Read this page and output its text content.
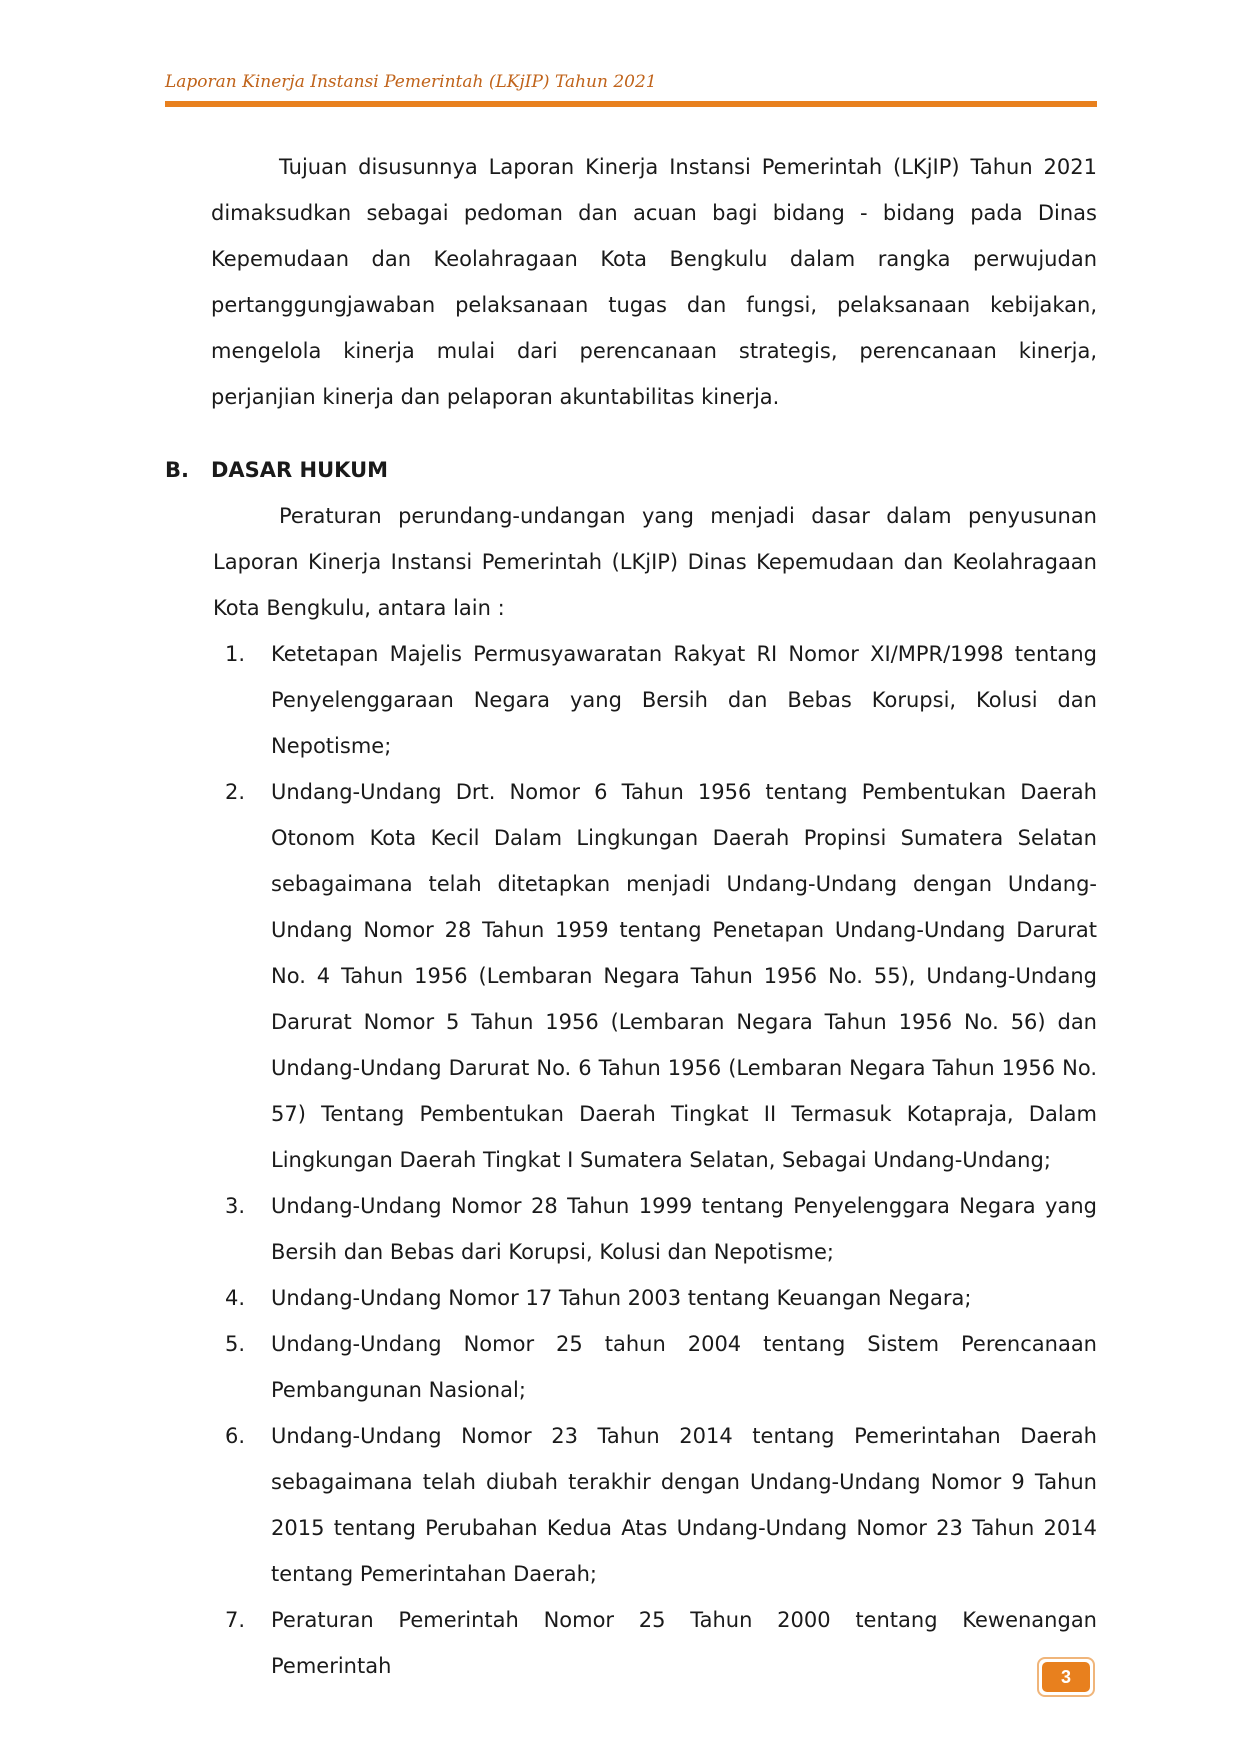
Laporan Kinerja Instansi Pemerintah (LKjIP) Tahun 2021

Tujuan disusunnya Laporan Kinerja Instansi Pemerintah (LKjIP) Tahun 2021 dimaksudkan sebagai pedoman dan acuan bagi bidang - bidang pada Dinas Kepemudaan dan Keolahragaan Kota Bengkulu dalam rangka perwujudan pertanggungjawaban pelaksanaan tugas dan fungsi, pelaksanaan kebijakan, mengelola kinerja mulai dari perencanaan strategis, perencanaan kinerja, perjanjian kinerja dan pelaporan akuntabilitas kinerja.

B. DASAR HUKUM

Peraturan perundang-undangan yang menjadi dasar dalam penyusunan Laporan Kinerja Instansi Pemerintah (LKjIP) Dinas Kepemudaan dan Keolahragaan Kota Bengkulu, antara lain :

1.	Ketetapan Majelis Permusyawaratan Rakyat RI Nomor XI/MPR/1998 tentang Penyelenggaraan Negara yang Bersih dan Bebas Korupsi, Kolusi dan Nepotisme;
2.	Undang-Undang Drt. Nomor 6 Tahun 1956 tentang Pembentukan Daerah Otonom Kota Kecil Dalam Lingkungan Daerah Propinsi Sumatera Selatan sebagaimana telah ditetapkan menjadi Undang-Undang dengan Undang-Undang Nomor 28 Tahun 1959 tentang Penetapan Undang-Undang Darurat No. 4 Tahun 1956 (Lembaran Negara Tahun 1956 No. 55), Undang-Undang Darurat Nomor 5 Tahun 1956 (Lembaran Negara Tahun 1956 No. 56) dan Undang-Undang Darurat No. 6 Tahun 1956 (Lembaran Negara Tahun 1956 No. 57) Tentang Pembentukan Daerah Tingkat II Termasuk Kotapraja, Dalam Lingkungan Daerah Tingkat I Sumatera Selatan, Sebagai Undang-Undang;
3.	Undang-Undang Nomor 28 Tahun 1999 tentang Penyelenggara Negara yang Bersih dan Bebas dari Korupsi, Kolusi dan Nepotisme;
4.	Undang-Undang Nomor 17 Tahun 2003 tentang Keuangan Negara;
5.	Undang-Undang Nomor 25 tahun 2004 tentang Sistem Perencanaan Pembangunan Nasional;
6.	Undang-Undang Nomor 23 Tahun 2014 tentang Pemerintahan Daerah sebagaimana telah diubah terakhir dengan Undang-Undang Nomor 9 Tahun 2015 tentang Perubahan Kedua Atas Undang-Undang Nomor 23 Tahun 2014 tentang Pemerintahan Daerah;
7.	Peraturan Pemerintah Nomor 25 Tahun 2000 tentang Kewenangan Pemerintah	3
